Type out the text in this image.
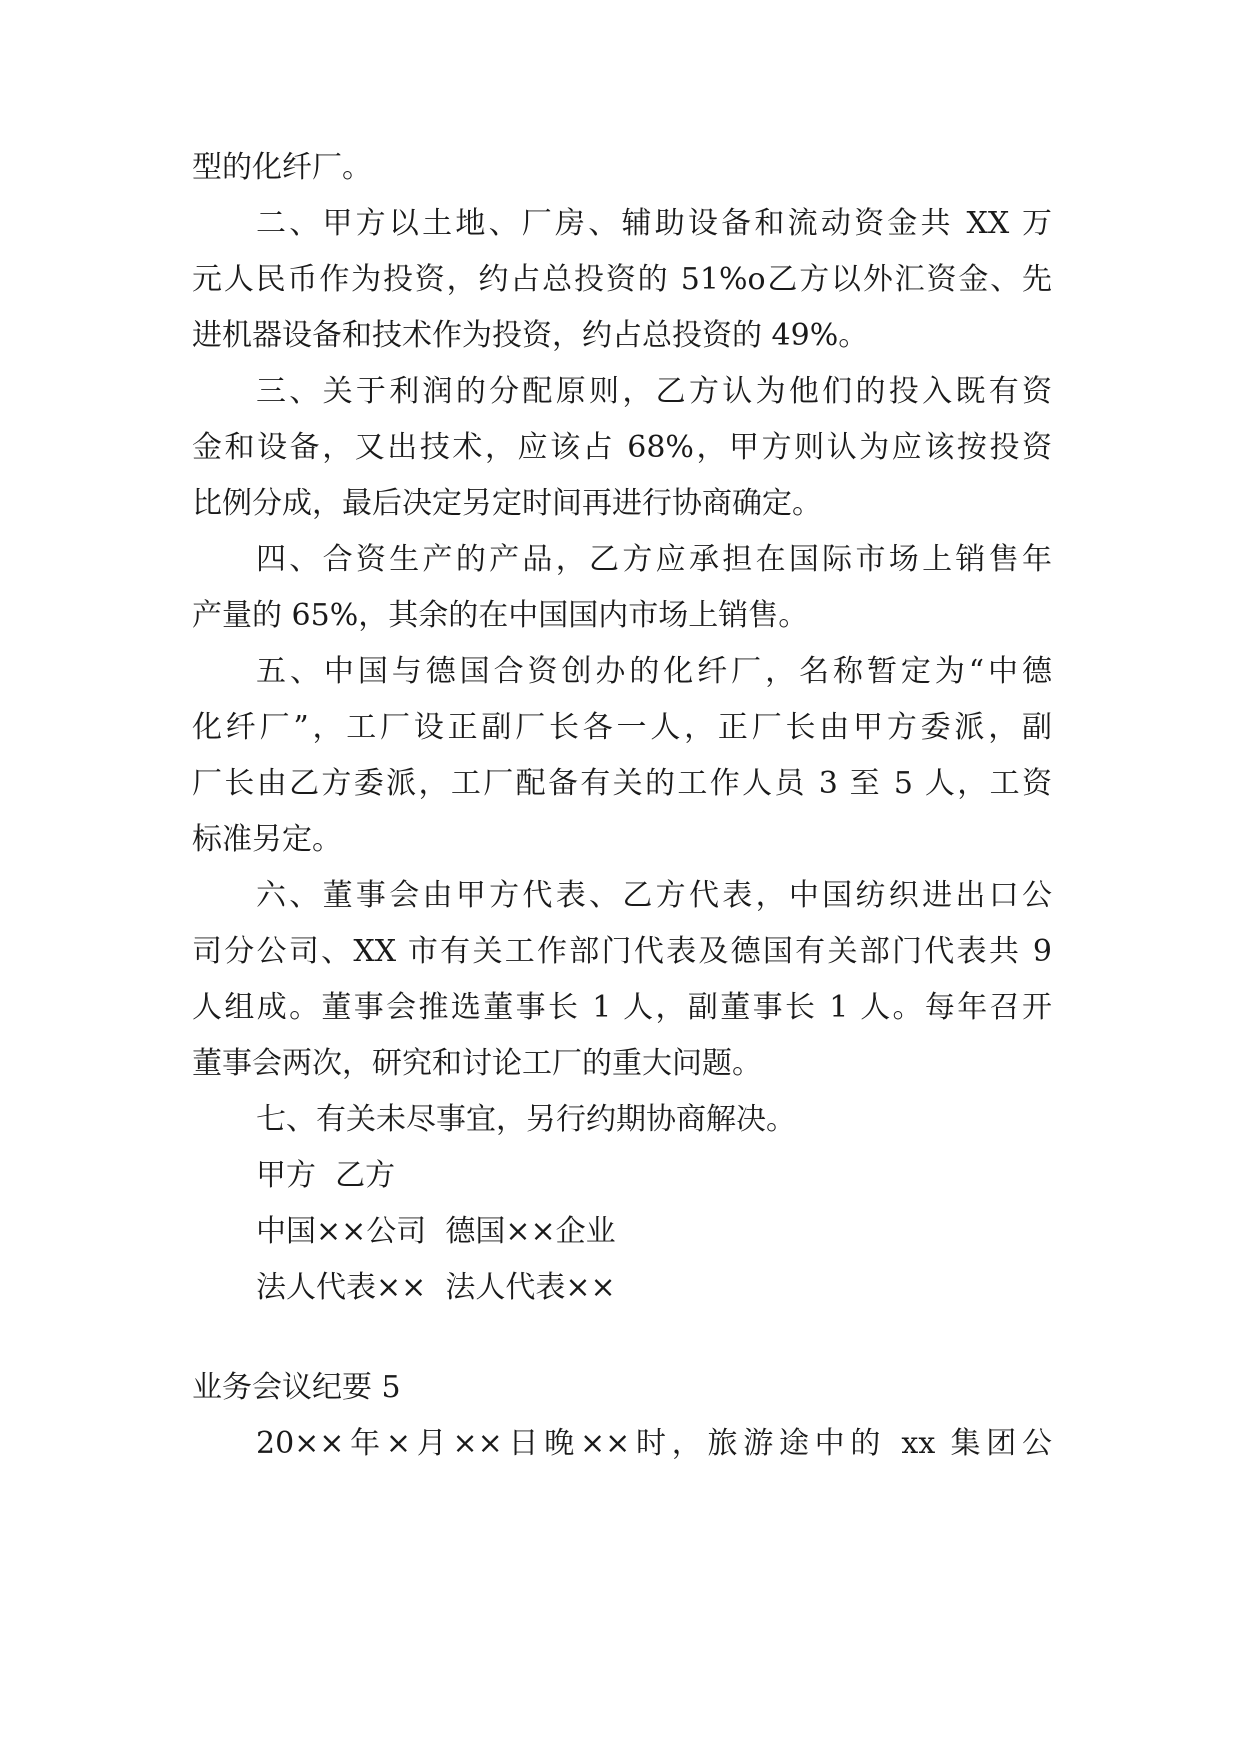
型的化纤厂。
二、甲方以土地、厂房、辅助设备和流动资金共 XX 万
元人民币作为投资，约占总投资的 51%o乙方以外汇资金、先
进机器设备和技术作为投资，约占总投资的 49%。
三、关于利润的分配原则，乙方认为他们的投入既有资
金和设备，又出技术，应该占 68%，甲方则认为应该按投资
比例分成，最后决定另定时间再进行协商确定。
四、合资生产的产品，乙方应承担在国际市场上销售年
产量的 65%，其余的在中国国内市场上销售。
五、中国与德国合资创办的化纤厂，名称暂定为“中德
化纤厂”，工厂设正副厂长各一人，正厂长由甲方委派，副
厂长由乙方委派，工厂配备有关的工作人员 3 至 5 人，工资
标准另定。
六、董事会由甲方代表、乙方代表，中国纺织进出口公
司分公司、XX 市有关工作部门代表及德国有关部门代表共 9
人组成。董事会推选董事长 1 人，副董事长 1 人。每年召开
董事会两次，研究和讨论工厂的重大问题。
七、有关未尽事宜，另行约期协商解决。
甲方  乙方
中国××公司  德国××企业
法人代表××  法人代表××
业务会议纪要 5
20××年×月××日晚××时，旅游途中的 xx 集团公
